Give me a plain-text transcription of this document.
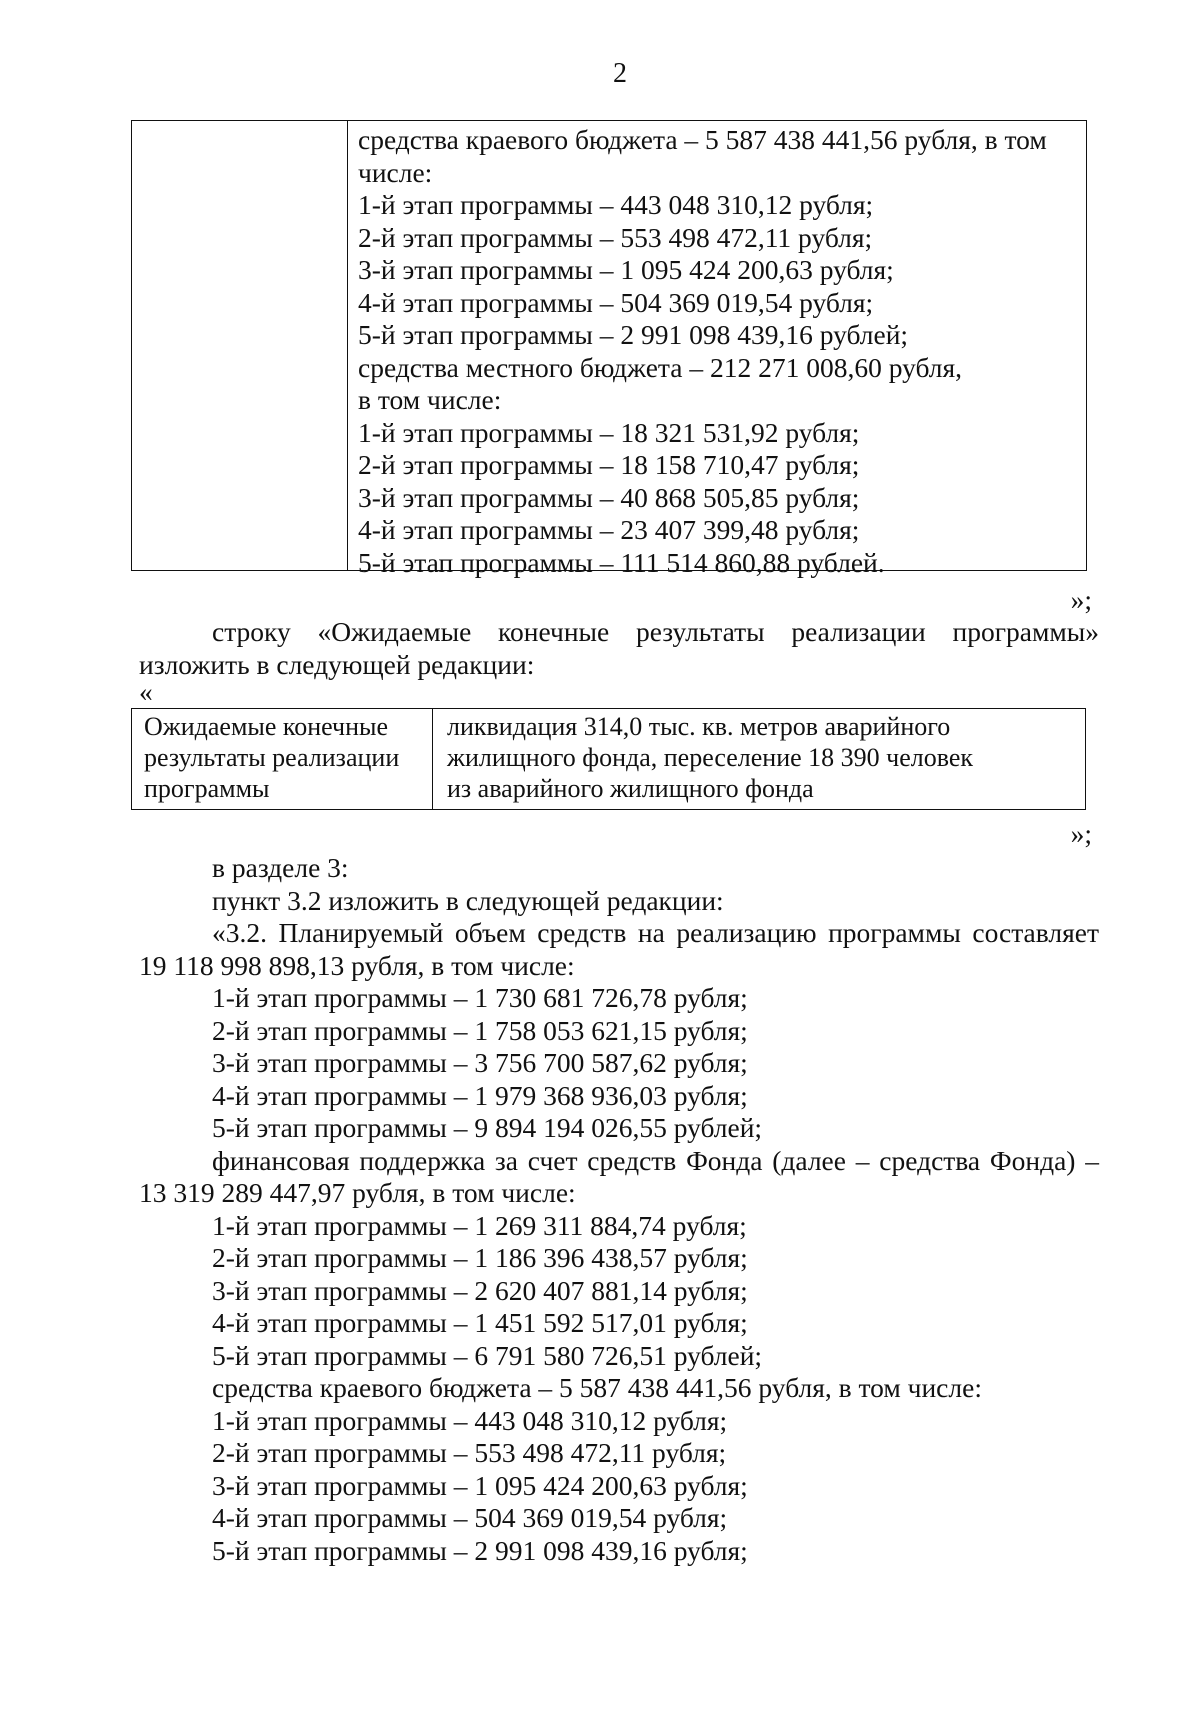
2
средства краевого бюджета – 5 587 438 441,56 рубля, в том
числе:
1-й этап программы – 443 048 310,12 рубля;
2-й этап программы – 553 498 472,11 рубля;
3-й этап программы – 1 095 424 200,63 рубля;
4-й этап программы – 504 369 019,54 рубля;
5-й этап программы – 2 991 098 439,16 рублей;
средства местного бюджета – 212 271 008,60 рубля,
в том числе:
1-й этап программы – 18 321 531,92 рубля;
2-й этап программы – 18 158 710,47 рубля;
3-й этап программы – 40 868 505,85 рубля;
4-й этап программы – 23 407 399,48 рубля;
5-й этап программы – 111 514 860,88 рублей.
»;
строку «Ожидаемые конечные результаты реализации программы»
изложить в следующей редакции:
«
Ожидаемые конечные
результаты реализации
программы
ликвидация 314,0 тыс. кв. метров аварийного
жилищного фонда, переселение 18 390 человек
из аварийного жилищного фонда
»;
в разделе 3:
пункт 3.2 изложить в следующей редакции:
«3.2. Планируемый объем средств на реализацию программы составляет
19 118 998 898,13 рубля, в том числе:
1-й этап программы – 1 730 681 726,78 рубля;
2-й этап программы – 1 758 053 621,15 рубля;
3-й этап программы – 3 756 700 587,62 рубля;
4-й этап программы – 1 979 368 936,03 рубля;
5-й этап программы – 9 894 194 026,55 рублей;
финансовая поддержка за счет средств Фонда (далее – средства Фонда) –
13 319 289 447,97 рубля, в том числе:
1-й этап программы – 1 269 311 884,74 рубля;
2-й этап программы – 1 186 396 438,57 рубля;
3-й этап программы – 2 620 407 881,14 рубля;
4-й этап программы – 1 451 592 517,01 рубля;
5-й этап программы – 6 791 580 726,51 рублей;
средства краевого бюджета – 5 587 438 441,56 рубля, в том числе:
1-й этап программы – 443 048 310,12 рубля;
2-й этап программы – 553 498 472,11 рубля;
3-й этап программы – 1 095 424 200,63 рубля;
4-й этап программы – 504 369 019,54 рубля;
5-й этап программы – 2 991 098 439,16 рубля;
